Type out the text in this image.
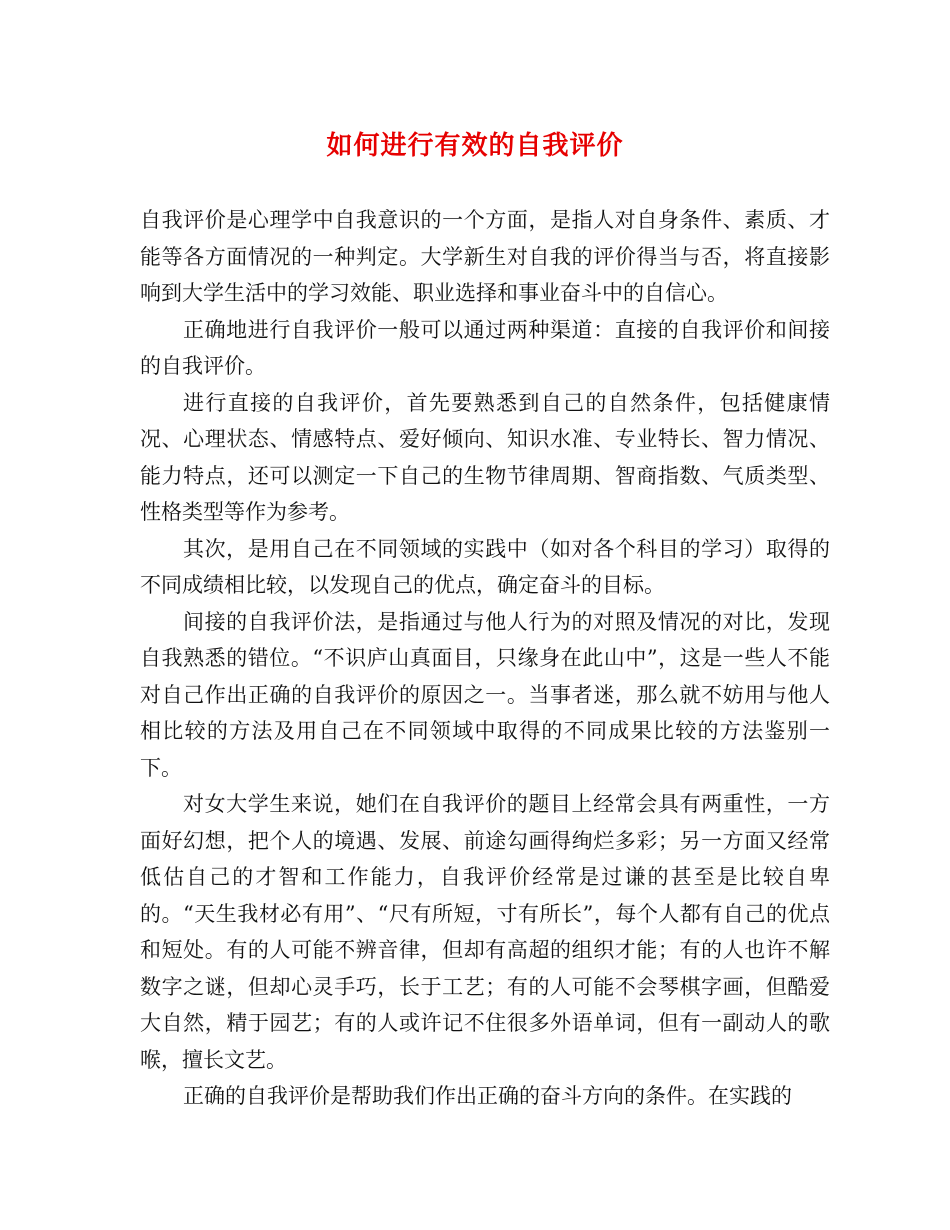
如何进行有效的自我评价

自我评价是心理学中自我意识的一个方面，是指人对自身条件、素质、才能等各方面情况的一种判定。大学新生对自我的评价得当与否，将直接影响到大学生活中的学习效能、职业选择和事业奋斗中的自信心。

正确地进行自我评价一般可以通过两种渠道：直接的自我评价和间接的自我评价。

进行直接的自我评价，首先要熟悉到自己的自然条件，包括健康情况、心理状态、情感特点、爱好倾向、知识水准、专业特长、智力情况、能力特点，还可以测定一下自己的生物节律周期、智商指数、气质类型、性格类型等作为参考。

其次，是用自己在不同领域的实践中（如对各个科目的学习）取得的不同成绩相比较，以发现自己的优点，确定奋斗的目标。

间接的自我评价法，是指通过与他人行为的对照及情况的对比，发现自我熟悉的错位。“不识庐山真面目，只缘身在此山中”，这是一些人不能对自己作出正确的自我评价的原因之一。当事者迷，那么就不妨用与他人相比较的方法及用自己在不同领域中取得的不同成果比较的方法鉴别一下。

对女大学生来说，她们在自我评价的题目上经常会具有两重性，一方面好幻想，把个人的境遇、发展、前途勾画得绚烂多彩；另一方面又经常低估自己的才智和工作能力，自我评价经常是过谦的甚至是比较自卑的。“天生我材必有用”、“尺有所短，寸有所长”，每个人都有自己的优点和短处。有的人可能不辨音律，但却有高超的组织才能；有的人也许不解数字之谜，但却心灵手巧，长于工艺；有的人可能不会琴棋字画，但酷爱大自然，精于园艺；有的人或许记不住很多外语单词，但有一副动人的歌喉，擅长文艺。

正确的自我评价是帮助我们作出正确的奋斗方向的条件。在实践的
